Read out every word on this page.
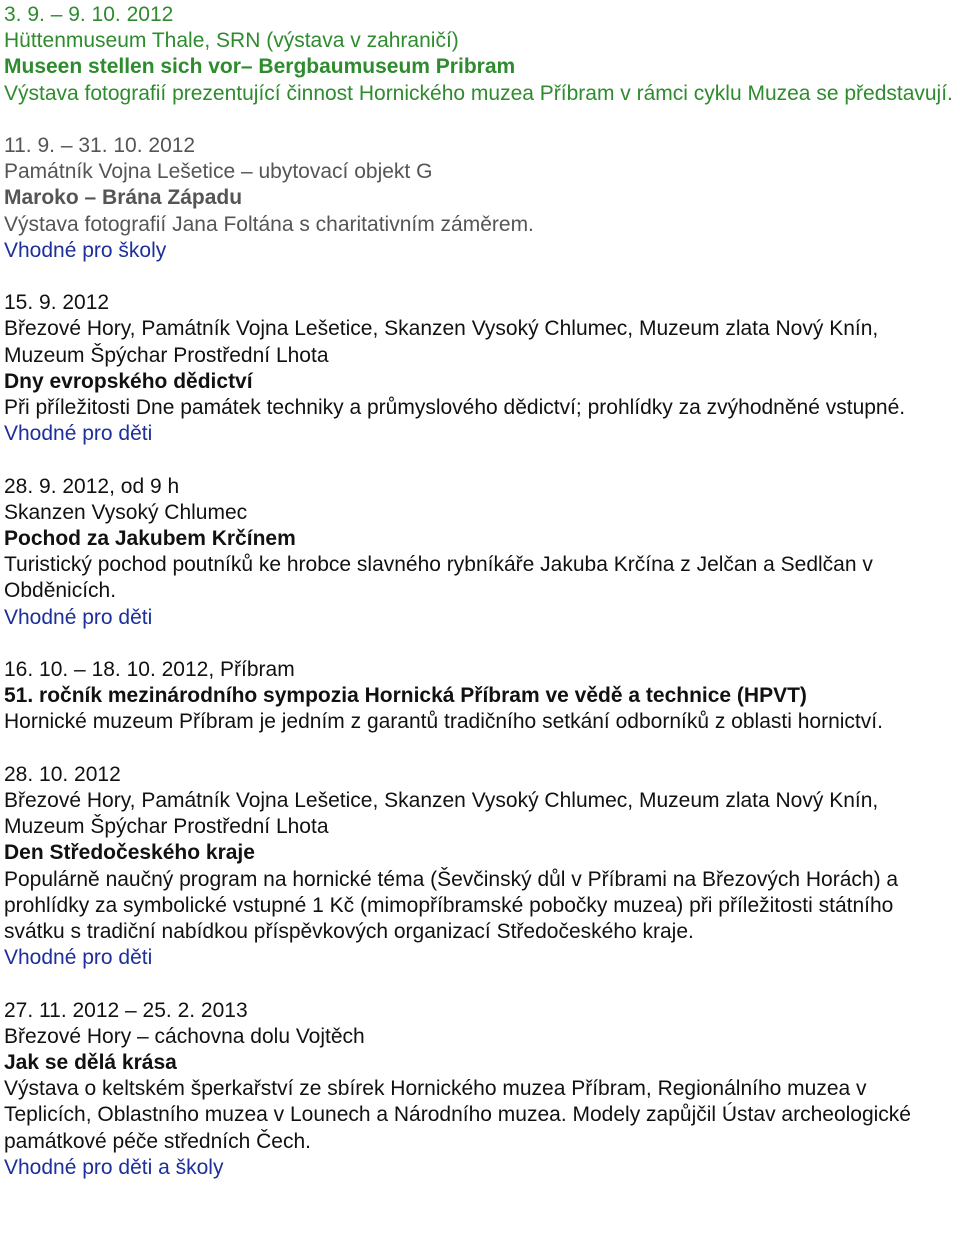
3. 9. – 9. 10. 2012

Hüttenmuseum Thale, SRN (výstava v zahraničí)

Museen stellen sich vor– Bergbaumuseum Pribram

Výstava fotografií prezentující činnost Hornického muzea Příbram v rámci cyklu Muzea se představují.

11. 9. – 31. 10. 2012

Památník Vojna Lešetice – ubytovací objekt G

Maroko – Brána Západu

Výstava fotografií Jana Foltána s charitativním záměrem.

Vhodné pro školy

15. 9. 2012

Březové Hory, Památník Vojna Lešetice, Skanzen Vysoký Chlumec, Muzeum zlata Nový Knín, Muzeum Špýchar Prostřední Lhota

Dny evropského dědictví

Při příležitosti Dne památek techniky a průmyslového dědictví; prohlídky za zvýhodněné vstupné.

Vhodné pro děti

28. 9. 2012, od 9 h

Skanzen Vysoký Chlumec

Pochod za Jakubem Krčínem

Turistický pochod poutníků ke hrobce slavného rybníkáře Jakuba Krčína z Jelčan a Sedlčan v Obděnicích.

Vhodné pro děti

16. 10. – 18. 10. 2012, Příbram

51. ročník mezinárodního sympozia Hornická Příbram ve vědě a technice (HPVT)

Hornické muzeum Příbram je jedním z garantů tradičního setkání odborníků z oblasti hornictví.

28. 10. 2012

Březové Hory, Památník Vojna Lešetice, Skanzen Vysoký Chlumec, Muzeum zlata Nový Knín, Muzeum Špýchar Prostřední Lhota

Den Středočeského kraje

Populárně naučný program na hornické téma (Ševčinský důl v Příbrami na Březových Horách) a prohlídky za symbolické vstupné 1 Kč (mimopříbramské pobočky muzea) při příležitosti státního svátku s tradiční nabídkou příspěvkových organizací Středočeského kraje.

Vhodné pro děti

27. 11. 2012 – 25. 2. 2013

Březové Hory – cáchovna dolu Vojtěch

Jak se dělá krása

Výstava o keltském šperkařství ze sbírek Hornického muzea Příbram, Regionálního muzea v Teplicích, Oblastního muzea v Lounech a Národního muzea. Modely zapůjčil Ústav archeologické památkové péče středních Čech.

Vhodné pro děti a školy
